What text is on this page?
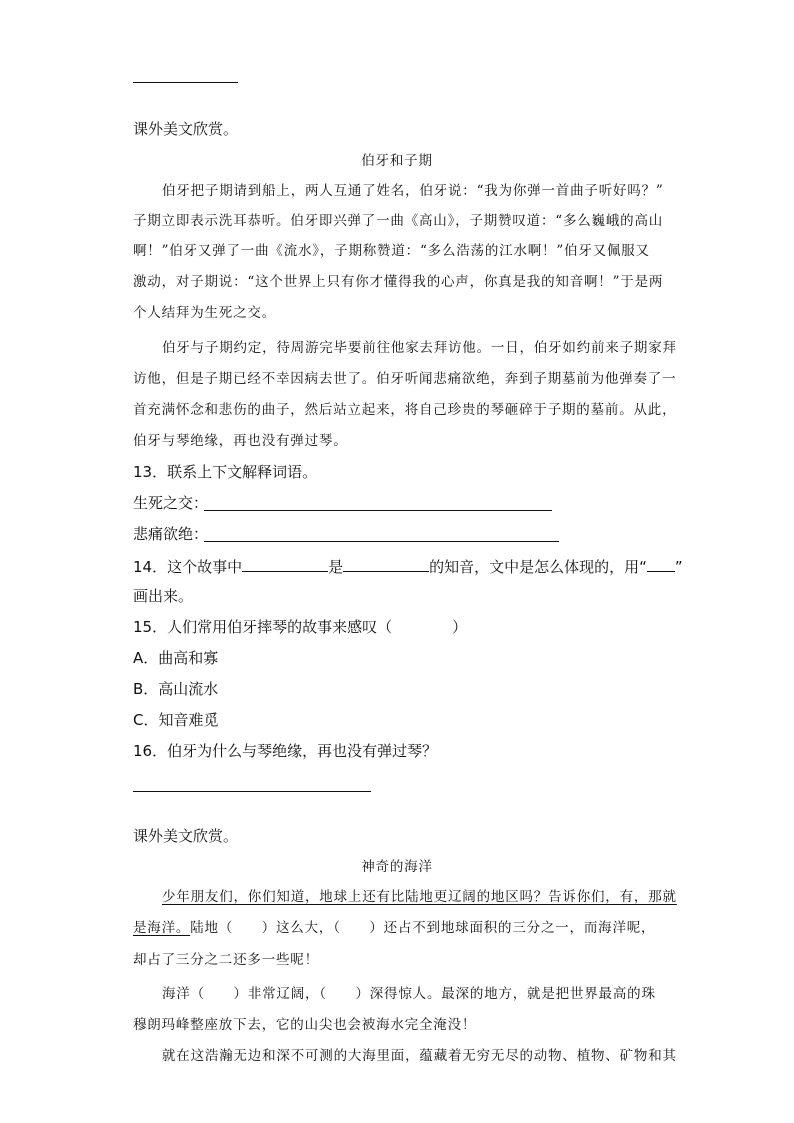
课外美文欣赏。
伯牙和子期
伯牙把子期请到船上，两人互通了姓名，伯牙说：“我为你弹一首曲子听好吗？”
子期立即表示洗耳恭听。伯牙即兴弹了一曲《高山》，子期赞叹道：“多么巍峨的高山
啊！”伯牙又弹了一曲《流水》，子期称赞道：“多么浩荡的江水啊！”伯牙又佩服又
激动，对子期说：“这个世界上只有你才懂得我的心声，你真是我的知音啊！”于是两
个人结拜为生死之交。
伯牙与子期约定，待周游完毕要前往他家去拜访他。一日，伯牙如约前来子期家拜
访他，但是子期已经不幸因病去世了。伯牙听闻悲痛欲绝，奔到子期墓前为他弹奏了一
首充满怀念和悲伤的曲子，然后站立起来，将自己珍贵的琴砸碎于子期的墓前。从此，
伯牙与琴绝缘，再也没有弹过琴。
13．联系上下文解释词语。
生死之交：
悲痛欲绝：
14．这个故事中	是	的知音，文中是怎么体现的，用“ ”
画出来。
15．人们常用伯牙摔琴的故事来感叹（　　　　）
A．曲高和寡
B．高山流水
C．知音难觅
16．伯牙为什么与琴绝缘，再也没有弹过琴？
课外美文欣赏。
神奇的海洋
少年朋友们，你们知道，地球上还有比陆地更辽阔的地区吗？告诉你们，有，那就
是海洋。陆地（　　）这么大，（　　）还占不到地球面积的三分之一，而海洋呢，
却占了三分之二还多一些呢！
海洋（　　）非常辽阔，（　　）深得惊人。最深的地方，就是把世界最高的珠
穆朗玛峰整座放下去，它的山尖也会被海水完全淹没！
就在这浩瀚无边和深不可测的大海里面，蕴藏着无穷无尽的动物、植物、矿物和其
